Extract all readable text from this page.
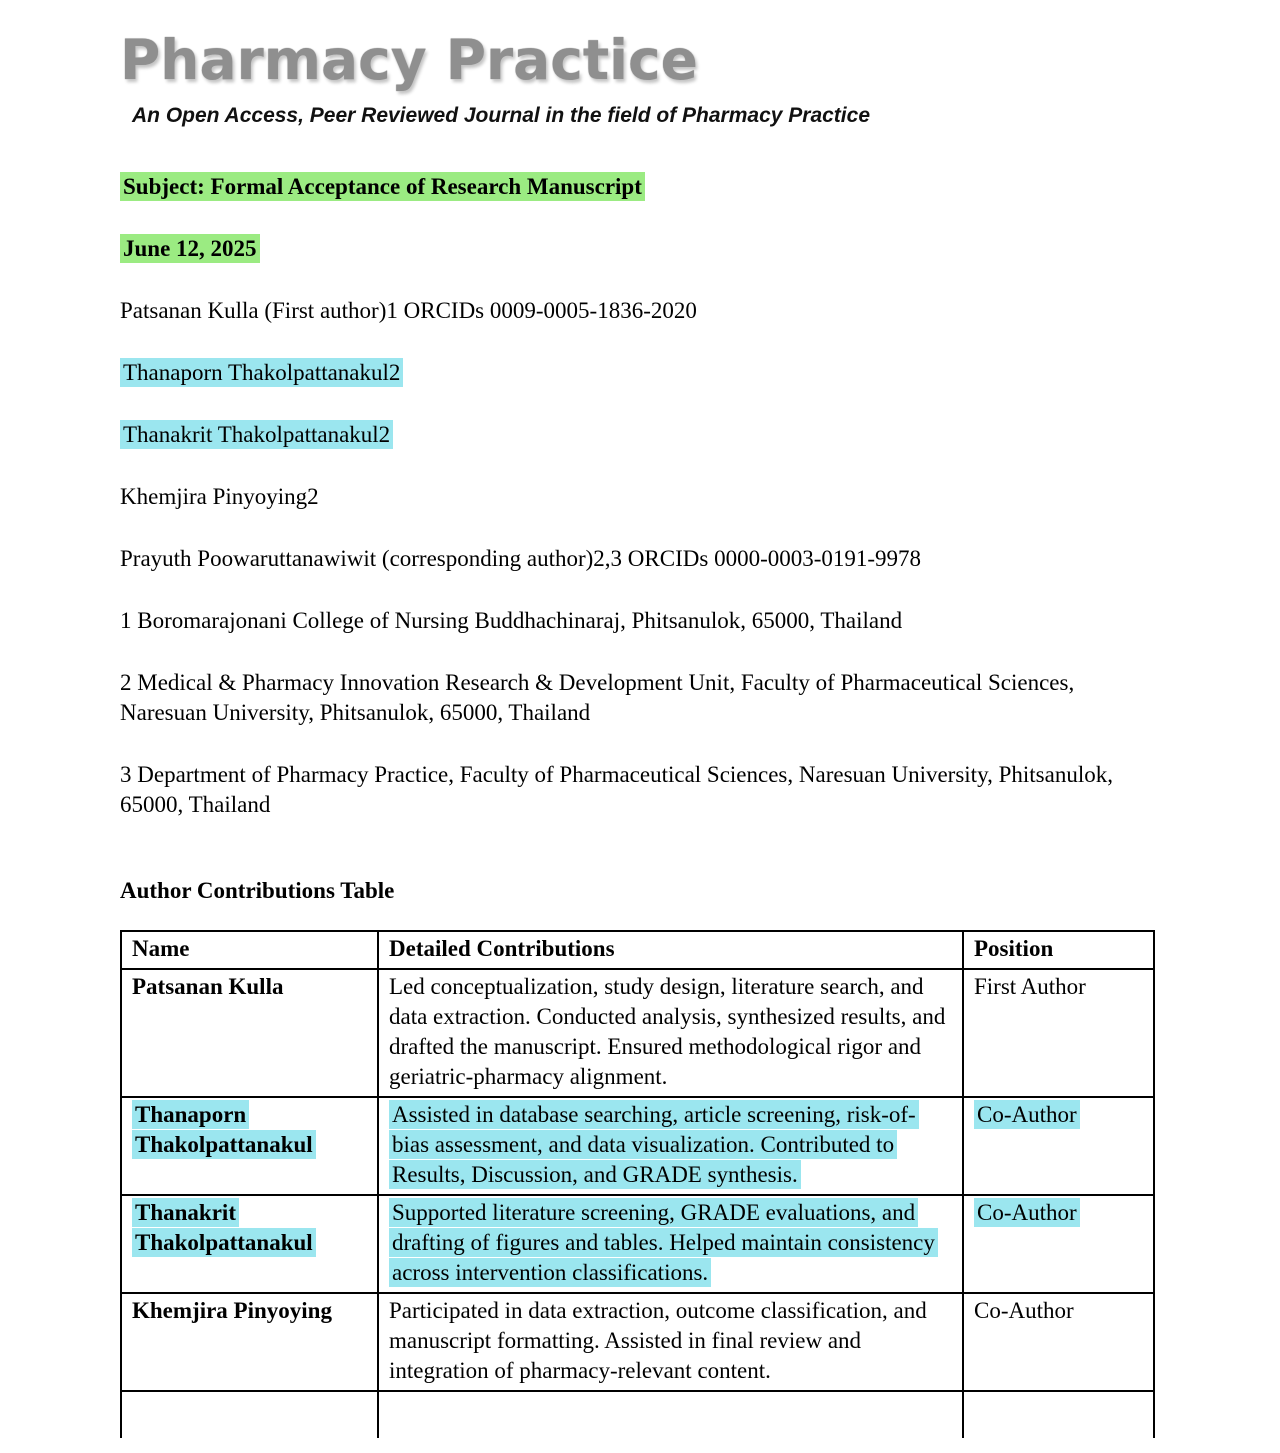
Pharmacy Practice
An Open Access, Peer Reviewed Journal in the field of Pharmacy Practice

Subject: Formal Acceptance of Research Manuscript

June 12, 2025

Patsanan Kulla (First author)1 ORCIDs 0009-0005-1836-2020

Thanaporn Thakolpattanakul2

Thanakrit Thakolpattanakul2

Khemjira Pinyoying2

Prayuth Poowaruttanawiwit (corresponding author)2,3 ORCIDs 0000-0003-0191-9978

1 Boromarajonani College of Nursing Buddhachinaraj, Phitsanulok, 65000, Thailand

2 Medical & Pharmacy Innovation Research & Development Unit, Faculty of Pharmaceutical Sciences, Naresuan University, Phitsanulok, 65000, Thailand

3 Department of Pharmacy Practice, Faculty of Pharmaceutical Sciences, Naresuan University, Phitsanulok, 65000, Thailand

Author Contributions Table
Name	Detailed Contributions	Position
Patsanan Kulla	Led conceptualization, study design, literature search, and data extraction. Conducted analysis, synthesized results, and drafted the manuscript. Ensured methodological rigor and geriatric-pharmacy alignment.	First Author
Thanaporn Thakolpattanakul	Assisted in database searching, article screening, risk-of-bias assessment, and data visualization. Contributed to Results, Discussion, and GRADE synthesis.	Co-Author
Thanakrit Thakolpattanakul	Supported literature screening, GRADE evaluations, and drafting of figures and tables. Helped maintain consistency across intervention classifications.	Co-Author
Khemjira Pinyoying	Participated in data extraction, outcome classification, and manuscript formatting. Assisted in final review and integration of pharmacy-relevant content.	Co-Author
